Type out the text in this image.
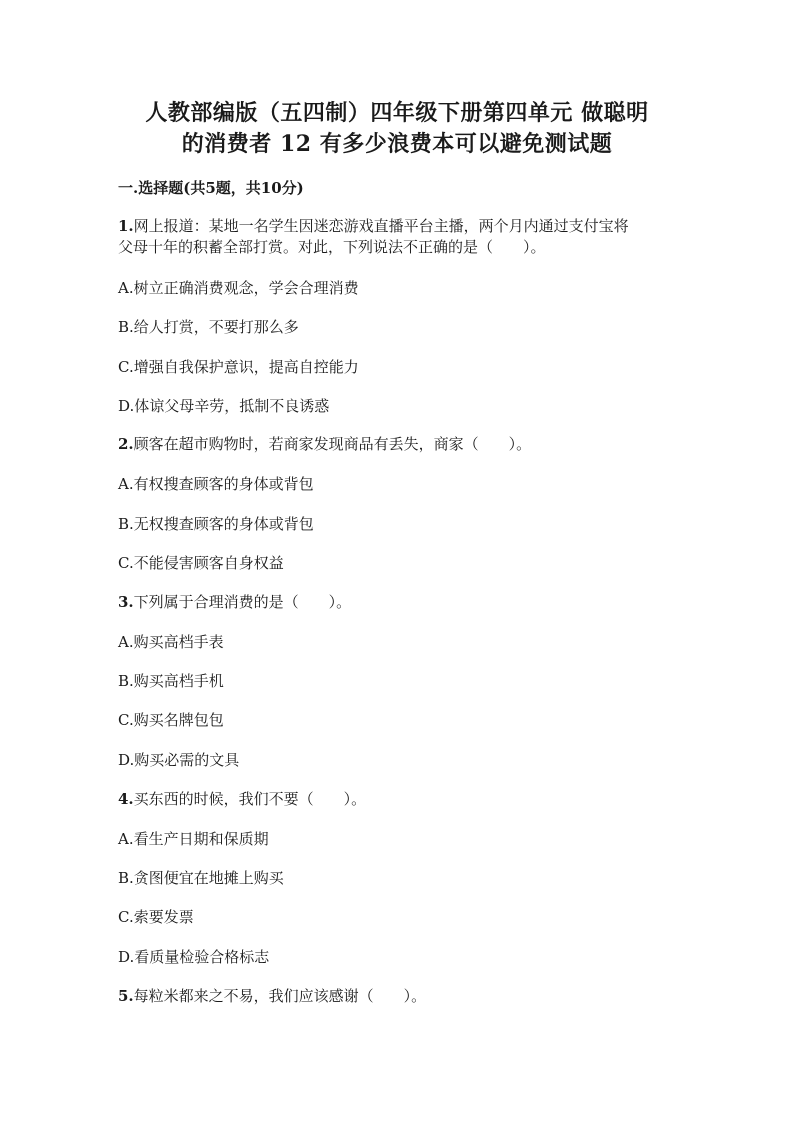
人教部编版（五四制）四年级下册第四单元 做聪明
的消费者 12 有多少浪费本可以避免测试题
一.选择题(共5题，共10分)
1.网上报道：某地一名学生因迷恋游戏直播平台主播，两个月内通过支付宝将
父母十年的积蓄全部打赏。对此，下列说法不正确的是（　　）。
A.树立正确消费观念，学会合理消费
B.给人打赏，不要打那么多
C.增强自我保护意识，提高自控能力
D.体谅父母辛劳，抵制不良诱惑
2.顾客在超市购物时，若商家发现商品有丢失，商家（　　）。
A.有权搜查顾客的身体或背包
B.无权搜查顾客的身体或背包
C.不能侵害顾客自身权益
3.下列属于合理消费的是（　　）。
A.购买高档手表
B.购买高档手机
C.购买名牌包包
D.购买必需的文具
4.买东西的时候，我们不要（　　）。
A.看生产日期和保质期
B.贪图便宜在地摊上购买
C.索要发票
D.看质量检验合格标志
5.每粒米都来之不易，我们应该感谢（　　）。
